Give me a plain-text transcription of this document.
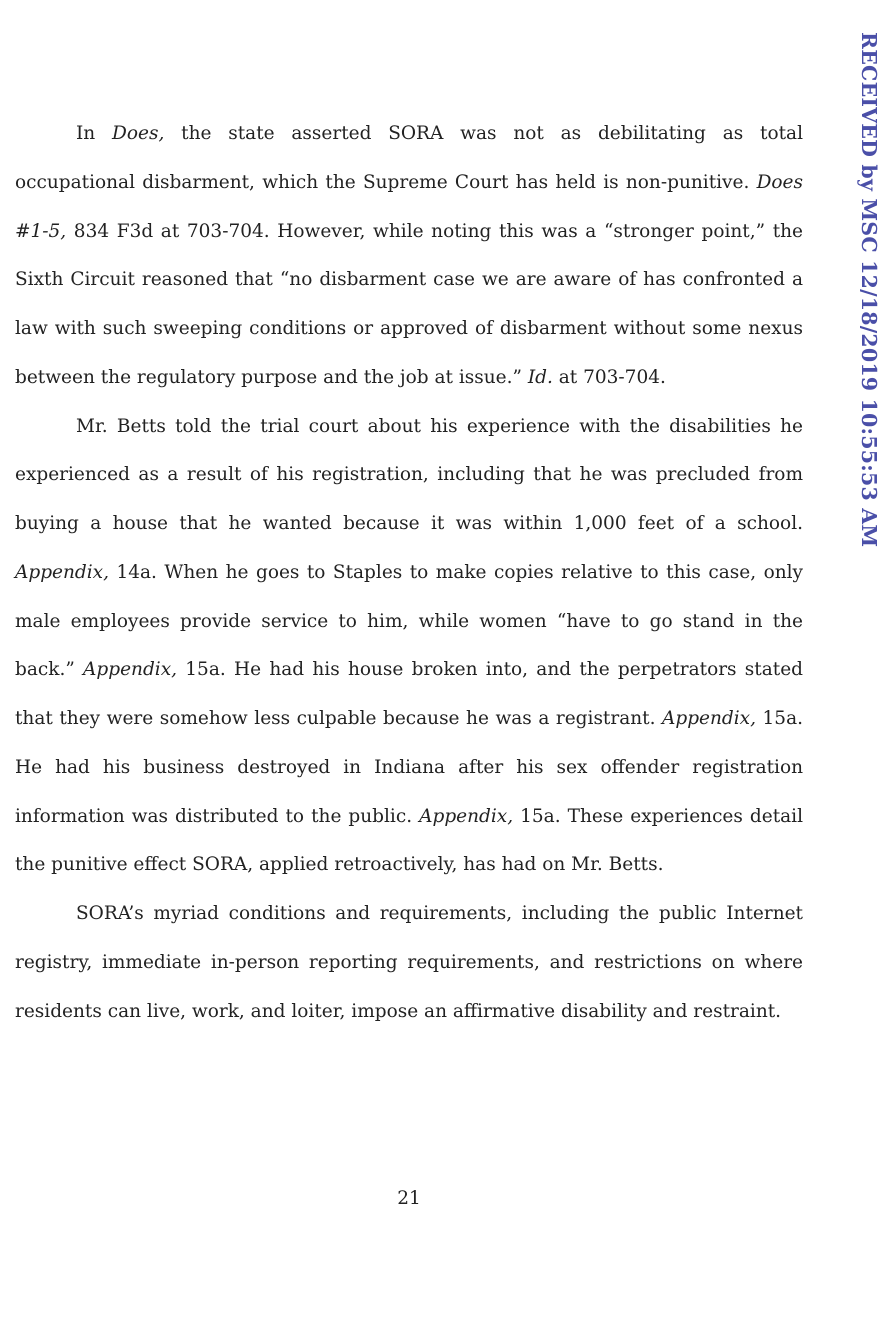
RECEIVED by MSC 12/18/2019 10:55:53 AM

In Does, the state asserted SORA was not as debilitating as total occupational disbarment, which the Supreme Court has held is non-punitive. Does #1-5, 834 F3d at 703-704. However, while noting this was a “stronger point,” the Sixth Circuit reasoned that “no disbarment case we are aware of has confronted a law with such sweeping conditions or approved of disbarment without some nexus between the regulatory purpose and the job at issue.” Id. at 703-704.

Mr. Betts told the trial court about his experience with the disabilities he experienced as a result of his registration, including that he was precluded from buying a house that he wanted because it was within 1,000 feet of a school. Appendix, 14a. When he goes to Staples to make copies relative to this case, only male employees provide service to him, while women “have to go stand in the back.” Appendix, 15a. He had his house broken into, and the perpetrators stated that they were somehow less culpable because he was a registrant. Appendix, 15a. He had his business destroyed in Indiana after his sex offender registration information was distributed to the public. Appendix, 15a. These experiences detail the punitive effect SORA, applied retroactively, has had on Mr. Betts.

SORA’s myriad conditions and requirements, including the public Internet registry, immediate in-person reporting requirements, and restrictions on where residents can live, work, and loiter, impose an affirmative disability and restraint.

21
